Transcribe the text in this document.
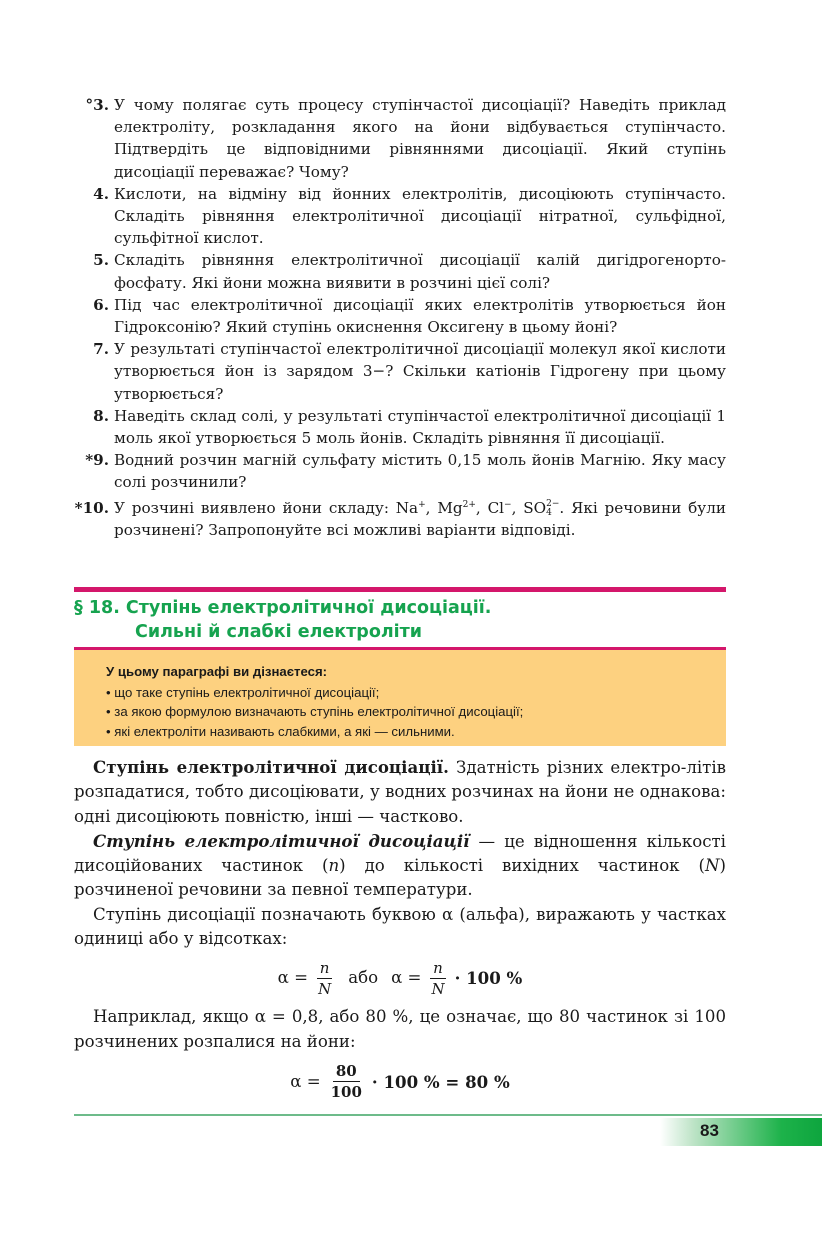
°3. У чому полягає суть процесу ступінчастої дисоціації? Наведіть приклад електроліту, розкладання якого на йони відбувається ступінчасто. Підтвердіть це відповідними рівняннями дисоціації. Який ступінь дисоціації переважає? Чому?
4. Кислоти, на відміну від йонних електролітів, дисоціюють ступінчасто. Складіть рівняння електролітичної дисоціації нітратної, сульфідної, сульфітної кислот.
5. Складіть рівняння електролітичної дисоціації калій дигідрогенорто-фосфату. Які йони можна виявити в розчині цієї солі?
6. Під час електролітичної дисоціації яких електролітів утворюється йон Гідроксонію? Який ступінь окиснення Оксигену в цьому йоні?
7. У результаті ступінчастої електролітичної дисоціації молекул якої кислоти утворюється йон із зарядом 3−? Скільки катіонів Гідрогену при цьому утворюється?
8. Наведіть склад солі, у результаті ступінчастої електролітичної дисоціації 1 моль якої утворюється 5 моль йонів. Складіть рівняння її дисоціації.
*9. Водний розчин магній сульфату містить 0,15 моль йонів Магнію. Яку масу солі розчинили?
*10. У розчині виявлено йони складу: Na+, $Mg^{2+}$, Cl−, SO 2−
4 . Які речовини були розчинені? Запропонуйте всі можливі варіанти відповіді.
§ 18. Ступінь електролітичної дисоціації.
Сильні й слабкі електроліти
У цьому параграфі ви дізнаєтеся:
• що таке ступінь електролітичної дисоціації;
• за якою формулою визначають ступінь електролітичної дисоціації;
• які електроліти називають слабкими, а які — сильними.

Ступінь електролітичної дисоціації. Здатність різних електро-літів розпадатися, тобто дисоціювати, у водних розчинах на йони не однакова: одні дисоціюють повністю, інші — частково.

Ступінь електролітичної дисоціації — це відношення кількості дисоційованих частинок (n) до кількості вихідних частинок (N) розчиненої речовини за певної температури.

Ступінь дисоціації позначають буквою α (альфа), виражають у частках одиниці або у відсотках:

$\alpha = \frac{n}{N}$ або $\alpha = \frac{n}{N} \cdot 100$ %

Наприклад, якщо α = 0,8, або 80 %, це означає, що 80 частинок зі 100 розчинених розпалися на йони:

$\alpha = \frac{80}{100} \cdot 100$ % = 80 %
83
